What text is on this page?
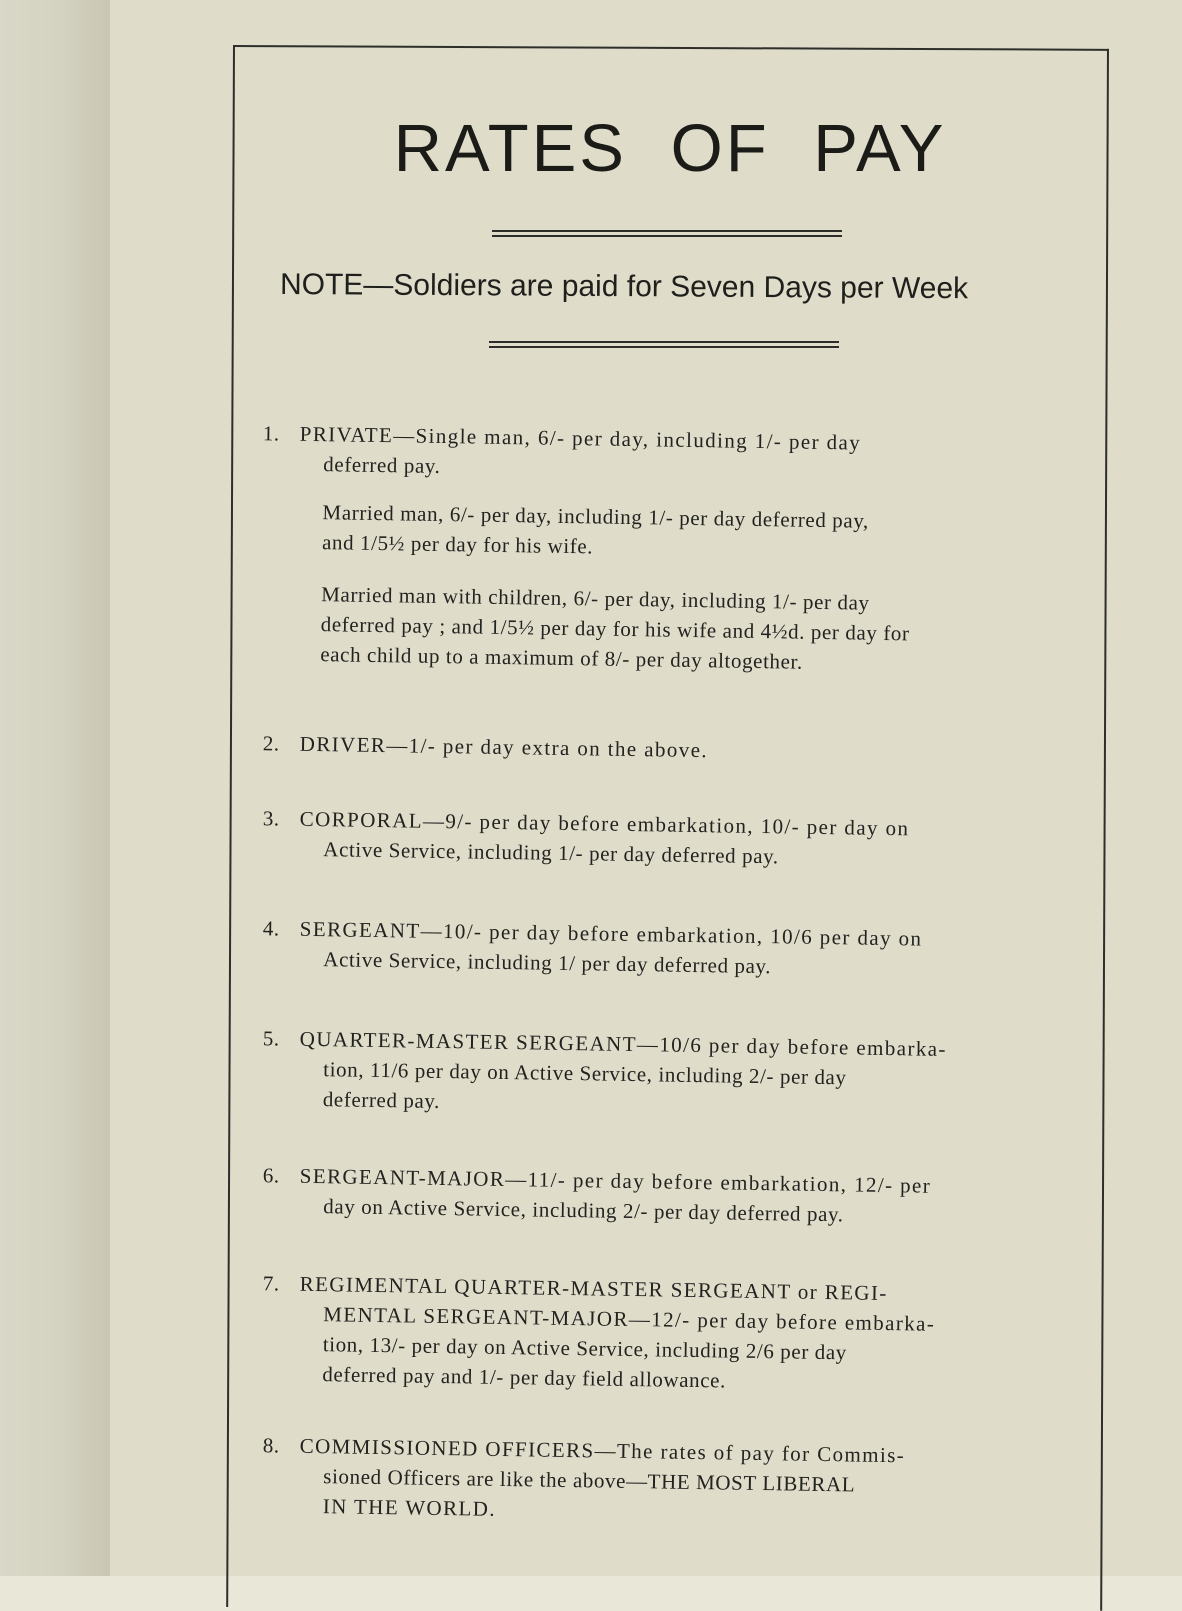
RATES OF PAY
NOTE—Soldiers are paid for Seven Days per Week
1. PRIVATE—Single man, 6/- per day, including 1/- per day
deferred pay.
Married man, 6/- per day, including 1/- per day deferred pay,
and 1/5½ per day for his wife.
Married man with children, 6/- per day, including 1/- per day
deferred pay ; and 1/5½ per day for his wife and 4½d. per day for
each child up to a maximum of 8/- per day altogether.
2. DRIVER—1/- per day extra on the above.
3. CORPORAL—9/- per day before embarkation, 10/- per day on
Active Service, including 1/- per day deferred pay.
4. SERGEANT—10/- per day before embarkation, 10/6 per day on
Active Service, including 1/ per day deferred pay.
5. QUARTER-MASTER SERGEANT—10/6 per day before embarka-
tion, 11/6 per day on Active Service, including 2/- per day
deferred pay.
6. SERGEANT-MAJOR—11/- per day before embarkation, 12/- per
day on Active Service, including 2/- per day deferred pay.
7. REGIMENTAL QUARTER-MASTER SERGEANT or REGI-
MENTAL SERGEANT-MAJOR—12/- per day before embarka-
tion, 13/- per day on Active Service, including 2/6 per day
deferred pay and 1/- per day field allowance.
8. COMMISSIONED OFFICERS—The rates of pay for Commis-
sioned Officers are like the above—THE MOST LIBERAL
IN THE WORLD.
